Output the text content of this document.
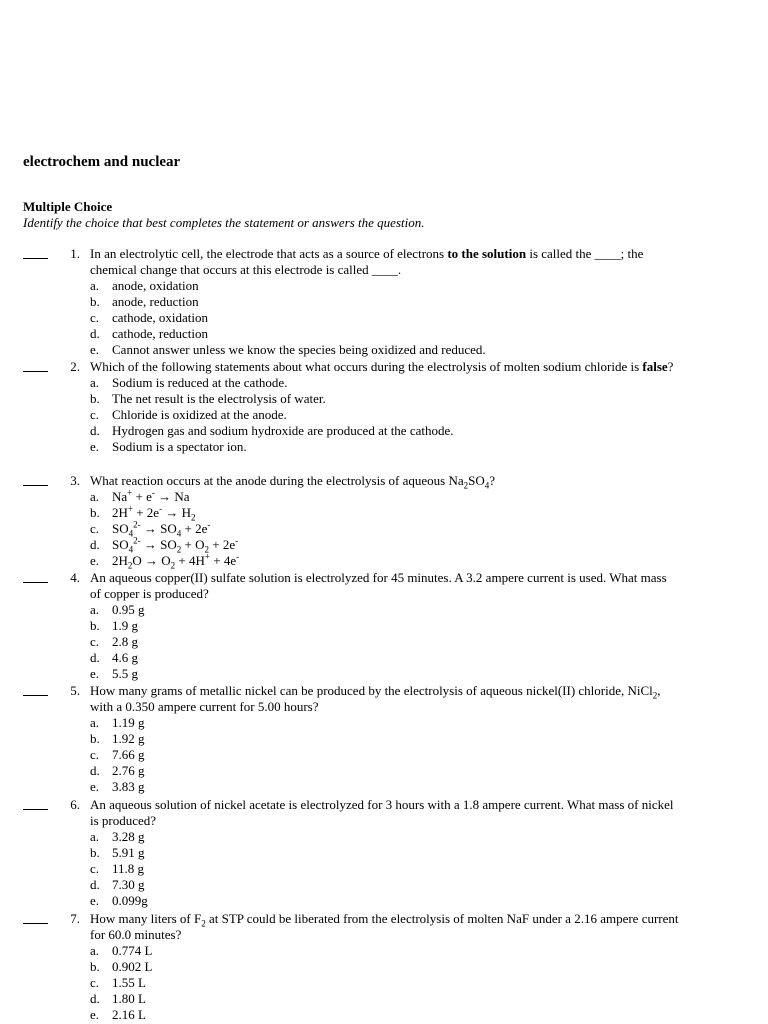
electrochem and nuclear
Multiple Choice
Identify the choice that best completes the statement or answers the question.
1. In an electrolytic cell, the electrode that acts as a source of electrons to the solution is called the ____; the chemical change that occurs at this electrode is called ____.
a. anode, oxidation
b. anode, reduction
c. cathode, oxidation
d. cathode, reduction
e. Cannot answer unless we know the species being oxidized and reduced.
2. Which of the following statements about what occurs during the electrolysis of molten sodium chloride is false?
a. Sodium is reduced at the cathode.
b. The net result is the electrolysis of water.
c. Chloride is oxidized at the anode.
d. Hydrogen gas and sodium hydroxide are produced at the cathode.
e. Sodium is a spectator ion.
3. What reaction occurs at the anode during the electrolysis of aqueous $Na_2SO_4$?
a. Na+ + e- → Na
b. $2H^+ + 2e^- \to H_2$
c. $SO_4^{2-} \to SO_4 + 2e^-$
d. $SO_4^{2-} \to SO_2 + O_2 + 2e^-$
e. $2H_2O \to O_2 + 4H^+ + 4e^-$
4. An aqueous copper(II) sulfate solution is electrolyzed for 45 minutes. A 3.2 ampere current is used. What mass of copper is produced?
a. 0.95 g
b. 1.9 g
c. 2.8 g
d. 4.6 g
e. 5.5 g
5. How many grams of metallic nickel can be produced by the electrolysis of aqueous nickel(II) chloride, NiCl$_2$, with a 0.350 ampere current for 5.00 hours?
a. 1.19 g
b. 1.92 g
c. 7.66 g
d. 2.76 g
e. 3.83 g
6. An aqueous solution of nickel acetate is electrolyzed for 3 hours with a 1.8 ampere current. What mass of nickel is produced?
a. 3.28 g
b. 5.91 g
c. 11.8 g
d. 7.30 g
e. 0.099g
7. How many liters of $F_2$ at STP could be liberated from the electrolysis of molten NaF under a 2.16 ampere current for 60.0 minutes?
a. 0.774 L
b. 0.902 L
c. 1.55 L
d. 1.80 L
e. 2.16 L
